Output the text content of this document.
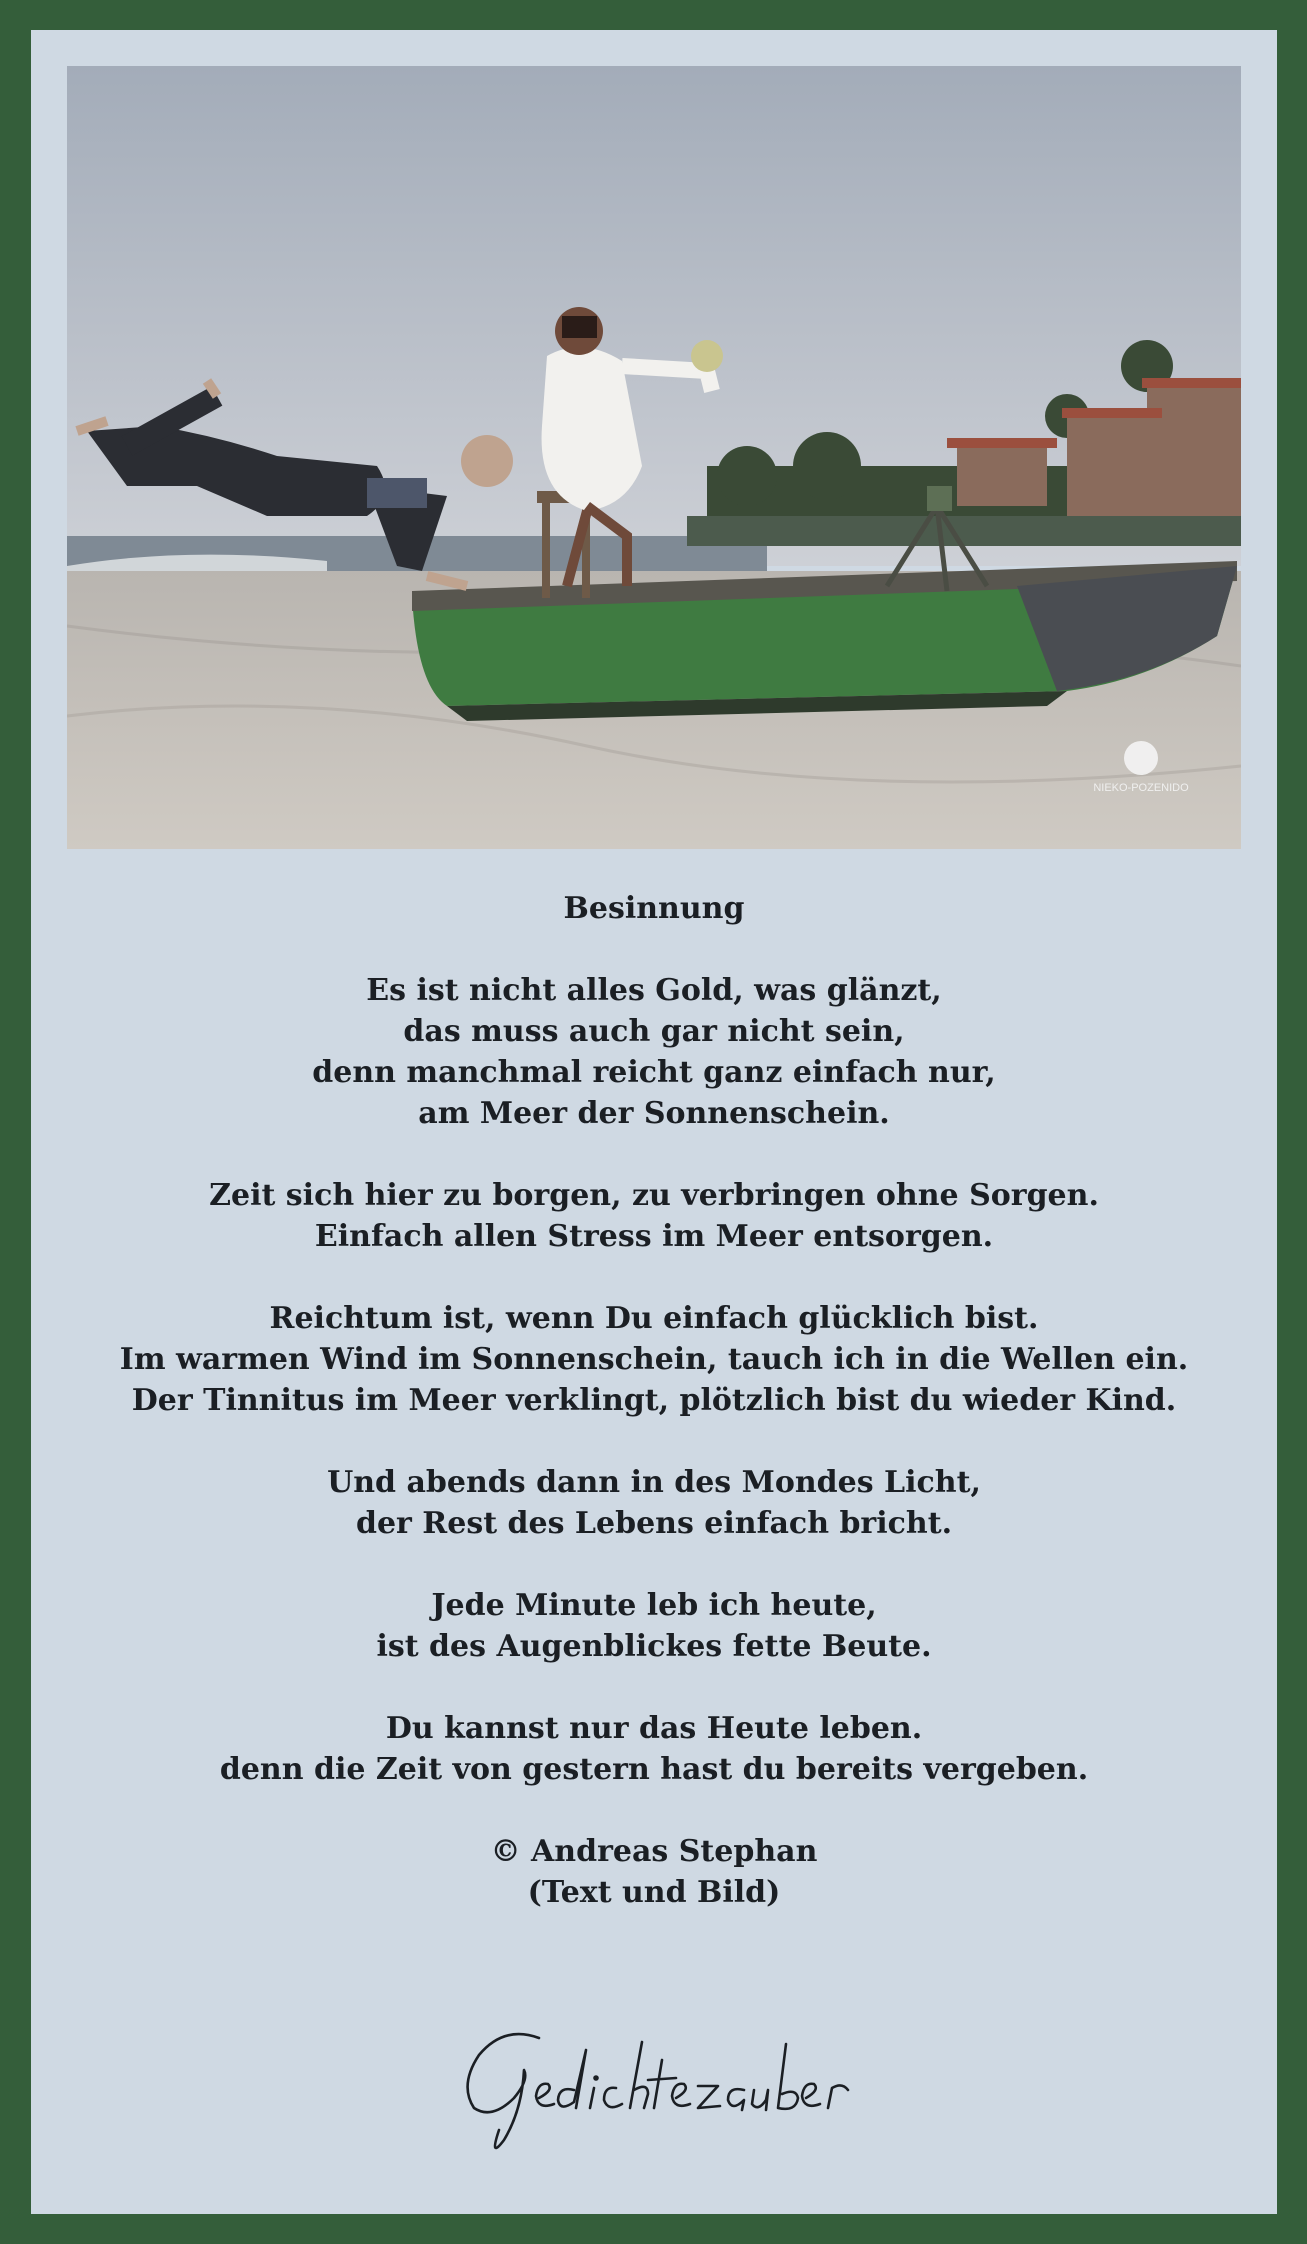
NIEKO-POZENIDO
Besinnung
Es ist nicht alles Gold, was glänzt,
das muss auch gar nicht sein,
denn manchmal reicht ganz einfach nur,
am Meer der Sonnenschein.
Zeit sich hier zu borgen, zu verbringen ohne Sorgen.
Einfach allen Stress im Meer entsorgen.
Reichtum ist, wenn Du einfach glücklich bist.
Im warmen Wind im Sonnenschein, tauch ich in die Wellen ein.
Der Tinnitus im Meer verklingt, plötzlich bist du wieder Kind.
Und abends dann in des Mondes Licht,
der Rest des Lebens einfach bricht.
Jede Minute leb ich heute,
ist des Augenblickes fette Beute.
Du kannst nur das Heute leben.
denn die Zeit von gestern hast du bereits vergeben.
© Andreas Stephan
(Text und Bild)
